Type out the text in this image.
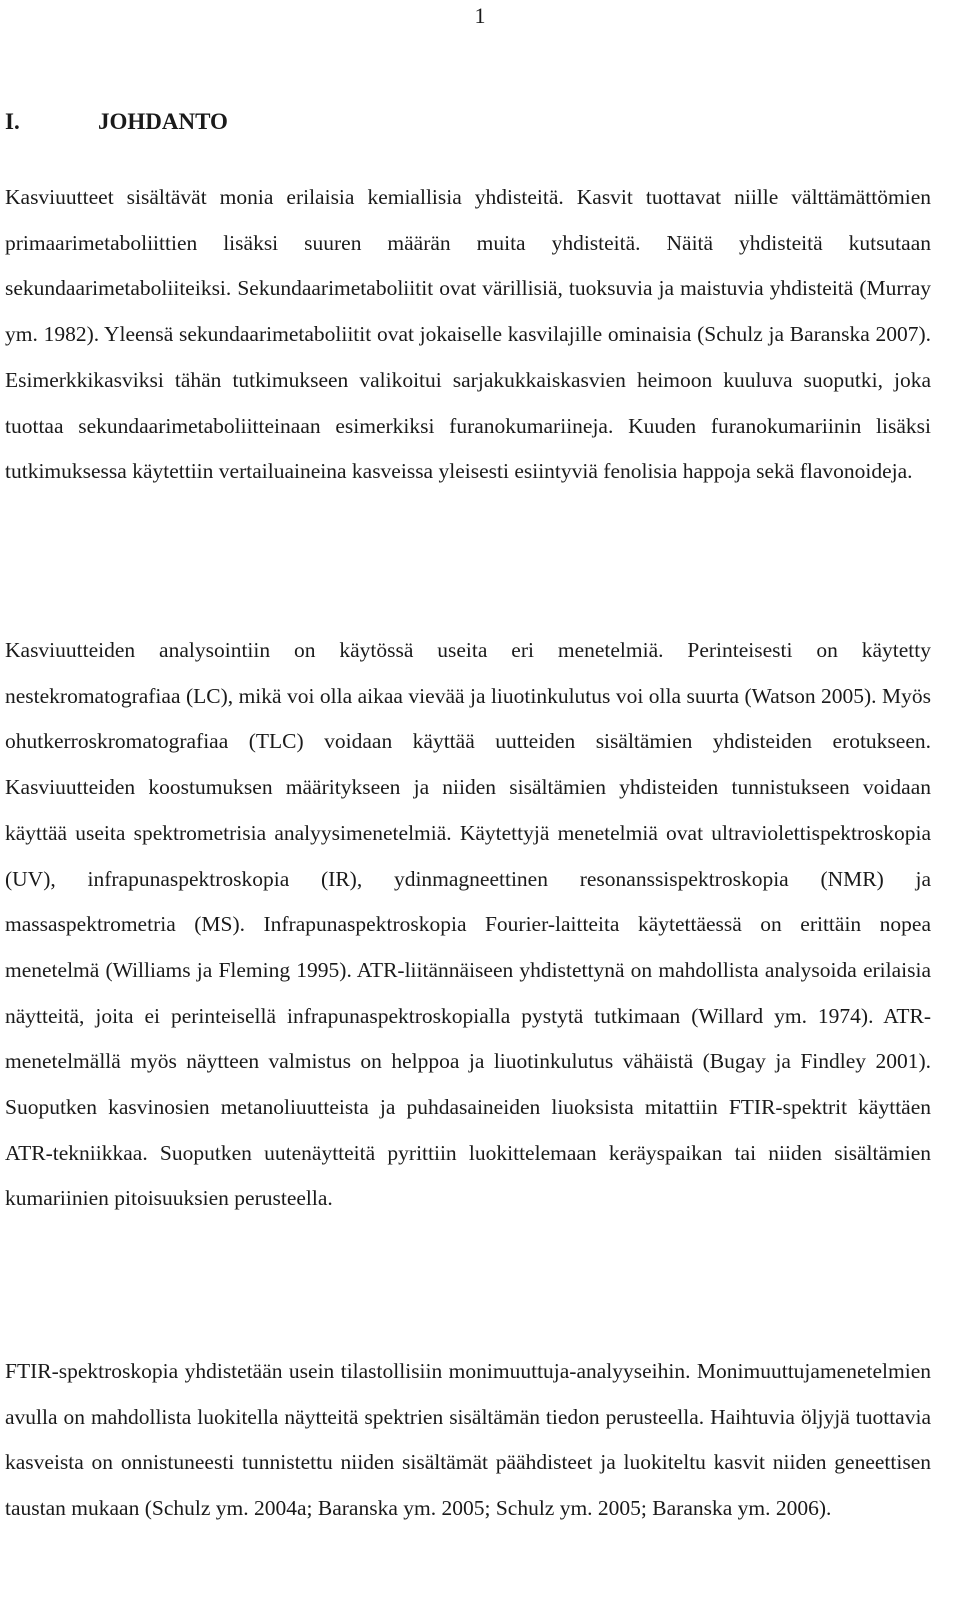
1
I.	JOHDANTO

Kasviuutteet sisältävät monia erilaisia kemiallisia yhdisteitä. Kasvit tuottavat niille välttämättömien primaarimetaboliittien lisäksi suuren määrän muita yhdisteitä. Näitä yhdisteitä kutsutaan sekundaarimetaboliiteiksi. Sekundaarimetaboliitit ovat värillisiä, tuoksuvia ja maistuvia yhdisteitä (Murray ym. 1982). Yleensä sekundaarimetaboliitit ovat jokaiselle kasvilajille ominaisia (Schulz ja Baranska 2007). Esimerkkikasviksi tähän tutkimukseen valikoitui sarjakukkaiskasvien heimoon kuuluva suoputki, joka tuottaa sekundaarimetaboliitteinaan esimerkiksi furanokumariineja. Kuuden furanokumariinin lisäksi tutkimuksessa käytettiin vertailuaineina kasveissa yleisesti esiintyviä fenolisia happoja sekä flavonoideja.

Kasviuutteiden analysointiin on käytössä useita eri menetelmiä. Perinteisesti on käytetty nestekromatografiaa (LC), mikä voi olla aikaa vievää ja liuotinkulutus voi olla suurta (Watson 2005). Myös ohutkerroskromatografiaa (TLC) voidaan käyttää uutteiden sisältämien yhdisteiden erotukseen. Kasviuutteiden koostumuksen määritykseen ja niiden sisältämien yhdisteiden tunnistukseen voidaan käyttää useita spektrometrisia analyysimenetelmiä. Käytettyjä menetelmiä ovat ultraviolettispektroskopia (UV), infrapunaspektroskopia (IR), ydinmagneettinen resonanssispektroskopia (NMR) ja massaspektrometria (MS). Infrapunaspektroskopia Fourier-laitteita käytettäessä on erittäin nopea menetelmä (Williams ja Fleming 1995). ATR-liitännäiseen yhdistettynä on mahdollista analysoida erilaisia näytteitä, joita ei perinteisellä infrapunaspektroskopialla pystytä tutkimaan (Willard ym. 1974). ATR-menetelmällä myös näytteen valmistus on helppoa ja liuotinkulutus vähäistä (Bugay ja Findley 2001). Suoputken kasvinosien metanoliuutteista ja puhdasaineiden liuoksista mitattiin FTIR-spektrit käyttäen ATR-tekniikkaa. Suoputken uutenäytteitä pyrittiin luokittelemaan keräyspaikan tai niiden sisältämien kumariinien pitoisuuksien perusteella.

FTIR-spektroskopia yhdistetään usein tilastollisiin monimuuttuja-analyyseihin. Monimuuttujamenetelmien avulla on mahdollista luokitella näytteitä spektrien sisältämän tiedon perusteella. Haihtuvia öljyjä tuottavia kasveista on onnistuneesti tunnistettu niiden sisältämät päähdisteet ja luokiteltu kasvit niiden geneettisen taustan mukaan (Schulz ym. 2004a; Baranska ym. 2005; Schulz ym. 2005; Baranska ym. 2006).
